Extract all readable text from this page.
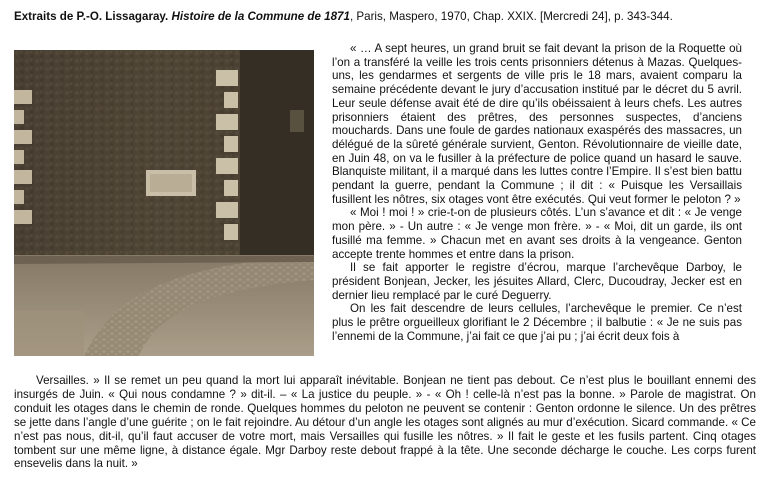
Extraits de P.-O. Lissagaray. Histoire de la Commune de 1871, Paris, Maspero, 1970, Chap. XXIX. [Mercredi 24], p. 343-344.

« … A sept heures, un grand bruit se fait devant la prison de la Roquette où l’on a transféré la veille les trois cents prisonniers détenus à Mazas. Quelques-uns, les gendarmes et sergents de ville pris le 18 mars, avaient comparu la semaine précédente devant le jury d’accusation institué par le décret du 5 avril. Leur seule défense avait été de dire qu’ils obéissaient à leurs chefs. Les autres prisonniers étaient des prêtres, des personnes suspectes, d’anciens mouchards. Dans une foule de gardes nationaux exaspérés des massacres, un délégué de la sûreté générale survient, Genton. Révolutionnaire de vieille date, en Juin 48, on va le fusiller à la préfecture de police quand un hasard le sauve. Blanquiste militant, il a marqué dans les luttes contre l’Empire. Il s’est bien battu pendant la guerre, pendant la Commune ; il dit : « Puisque les Versaillais fusillent les nôtres, six otages vont être exécutés. Qui veut former le peloton ? »

« Moi ! moi ! » crie-t-on de plusieurs côtés. L’un s’avance et dit : « Je venge mon père. » - Un autre : « Je venge mon frère. » - « Moi, dit un garde, ils ont fusillé ma femme. » Chacun met en avant ses droits à la vengeance. Genton accepte trente hommes et entre dans la prison.

Il se fait apporter le registre d’écrou, marque l’archevêque Darboy, le président Bonjean, Jecker, les jésuites Allard, Clerc, Ducoudray, Jecker est en dernier lieu remplacé par le curé Deguerry.

On les fait descendre de leurs cellules, l’archevêque le premier. Ce n’est plus le prêtre orgueilleux glorifiant le 2 Décembre ; il balbutie : « Je ne suis pas l’ennemi de la Commune, j’ai fait ce que j’ai pu ; j’ai écrit deux fois à

Versailles. » Il se remet un peu quand la mort lui apparaît inévitable. Bonjean ne tient pas debout. Ce n’est plus le bouillant ennemi des insurgés de Juin. « Qui nous condamne ? » dit-il. – « La justice du peuple. » - « Oh ! celle-là n’est pas la bonne. » Parole de magistrat. On conduit les otages dans le chemin de ronde. Quelques hommes du peloton ne peuvent se contenir : Genton ordonne le silence. Un des prêtres se jette dans l’angle d’une guérite ; on le fait rejoindre. Au détour d’un angle les otages sont alignés au mur d’exécution. Sicard commande. « Ce n’est pas nous, dit-il, qu’il faut accuser de votre mort, mais Versailles qui fusille les nôtres. » Il fait le geste et les fusils partent. Cinq otages tombent sur une même ligne, à distance égale. Mgr Darboy reste debout frappé à la tête. Une seconde décharge le couche. Les corps furent ensevelis dans la nuit. »
